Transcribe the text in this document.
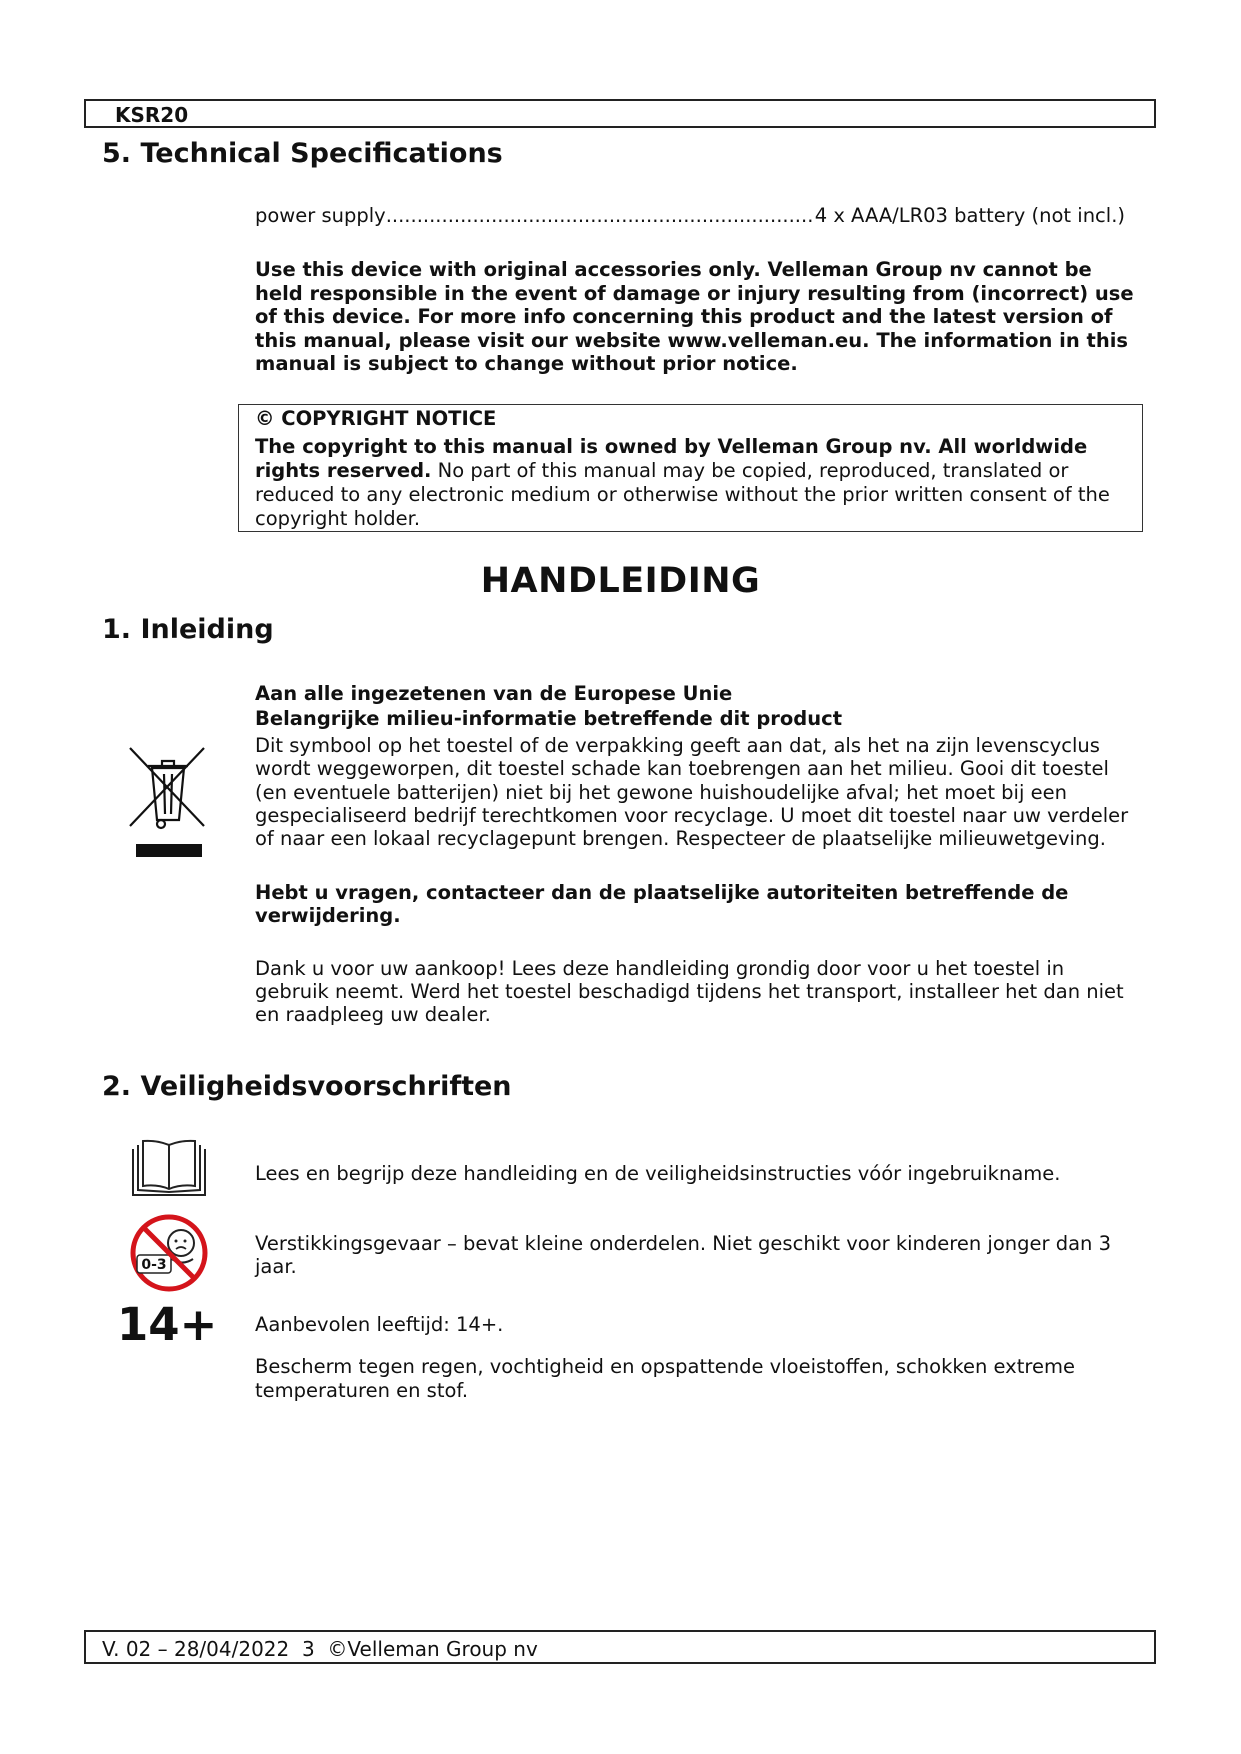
KSR20
5. Technical Specifications
power supply
.....	4 x AAA/LR03 battery (not incl.)
Use this device with original accessories only. Velleman Group nv cannot be held responsible in the event of damage or injury resulting from (incorrect) use of this device. For more info concerning this product and the latest version of this manual, please visit our website www.velleman.eu. The information in this manual is subject to change without prior notice.
© COPYRIGHT NOTICE
The copyright to this manual is owned by Velleman Group nv. All worldwide rights reserved. No part of this manual may be copied, reproduced, translated or reduced to any electronic medium or otherwise without the prior written consent of the copyright holder.
HANDLEIDING
1. Inleiding
Aan alle ingezetenen van de Europese Unie
Belangrijke milieu-informatie betreffende dit product
Dit symbool op het toestel of de verpakking geeft aan dat, als het na zijn levenscyclus wordt weggeworpen, dit toestel schade kan toebrengen aan het milieu. Gooi dit toestel (en eventuele batterijen) niet bij het gewone huishoudelijke afval; het moet bij een gespecialiseerd bedrijf terechtkomen voor recyclage. U moet dit toestel naar uw verdeler of naar een lokaal recyclagepunt brengen. Respecteer de plaatselijke milieuwetgeving.
Hebt u vragen, contacteer dan de plaatselijke autoriteiten betreffende de verwijdering.
Dank u voor uw aankoop! Lees deze handleiding grondig door voor u het toestel in gebruik neemt. Werd het toestel beschadigd tijdens het transport, installeer het dan niet en raadpleeg uw dealer.
2. Veiligheidsvoorschriften
Lees en begrijp deze handleiding en de veiligheidsinstructies vóór ingebruikname.
0-3
Verstikkingsgevaar – bevat kleine onderdelen. Niet geschikt voor kinderen jonger dan 3 jaar.
14+ Aanbevolen leeftijd: 14+.
Bescherm tegen regen, vochtigheid en opspattende vloeistoffen, schokken extreme temperaturen en stof.
V. 02 – 28/04/2022  3  ©Velleman Group nv
